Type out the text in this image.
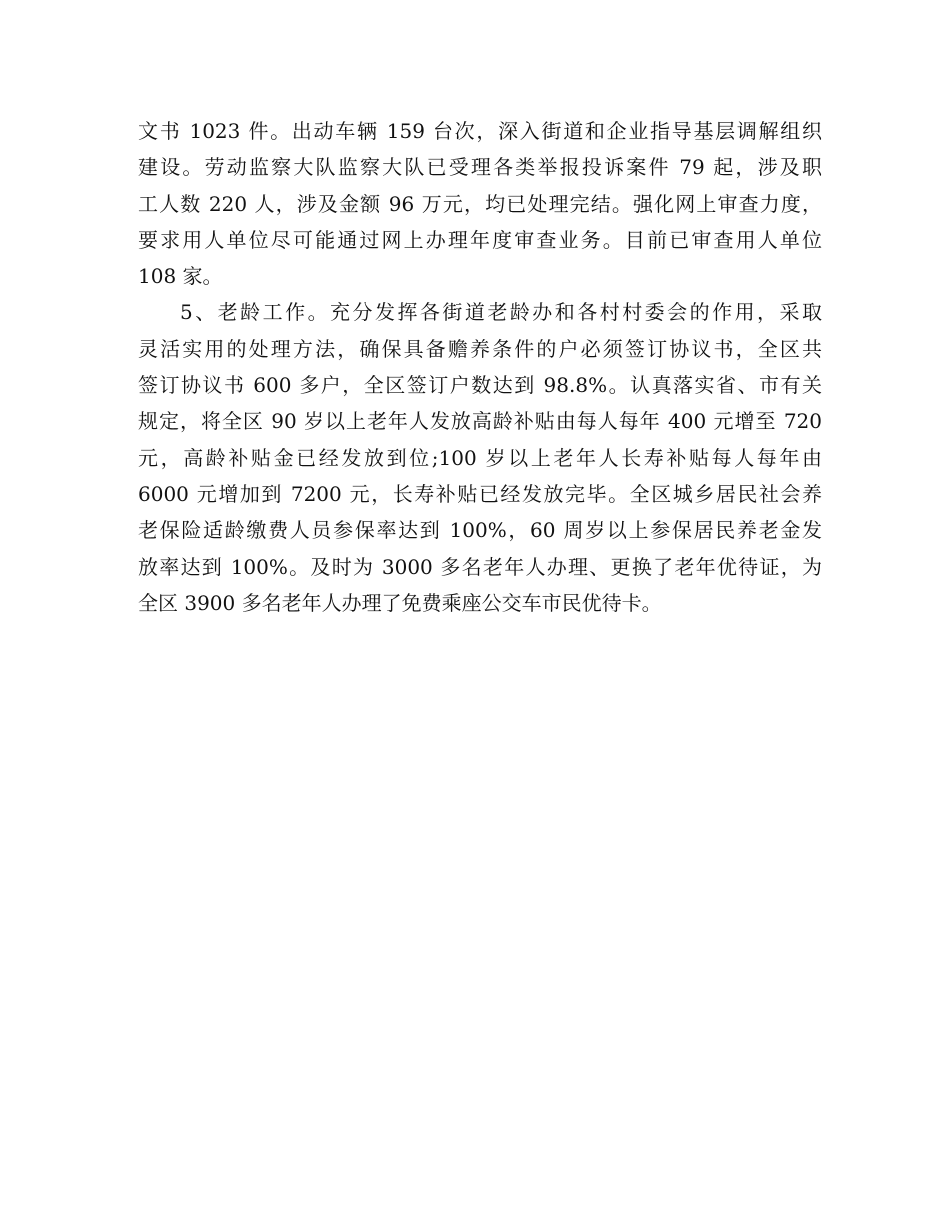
文书 1023 件。出动车辆 159 台次，深入街道和企业指导基层调解组织
建设。劳动监察大队监察大队已受理各类举报投诉案件 79 起，涉及职
工人数 220 人，涉及金额 96 万元，均已处理完结。强化网上审查力度，
要求用人单位尽可能通过网上办理年度审查业务。目前已审查用人单位
108 家。
5、老龄工作。充分发挥各街道老龄办和各村村委会的作用，采取
灵活实用的处理方法，确保具备赡养条件的户必须签订协议书，全区共
签订协议书 600 多户，全区签订户数达到 98.8%。认真落实省、市有关
规定，将全区 90 岁以上老年人发放高龄补贴由每人每年 400 元增至 720
元，高龄补贴金已经发放到位;100 岁以上老年人长寿补贴每人每年由
6000 元增加到 7200 元，长寿补贴已经发放完毕。全区城乡居民社会养
老保险适龄缴费人员参保率达到 100%，60 周岁以上参保居民养老金发
放率达到 100%。及时为 3000 多名老年人办理、更换了老年优待证，为
全区 3900 多名老年人办理了免费乘座公交车市民优待卡。
